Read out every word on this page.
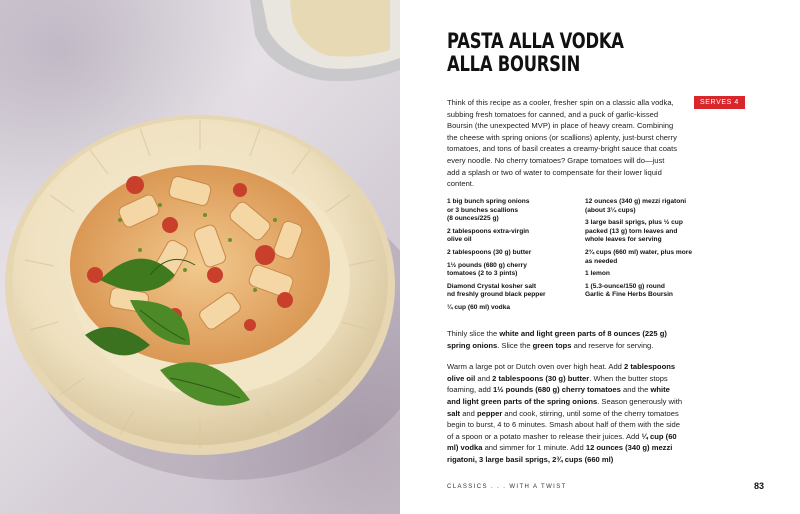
PASTA ALLA VODKA
ALLA BOURSIN
SERVES 4

Think of this recipe as a cooler, fresher spin on a classic alla vodka, subbing fresh tomatoes for canned, and a puck of garlic-kissed Boursin (the unexpected MVP) in place of heavy cream. Combining the cheese with spring onions (or scallions) aplenty, just-burst cherry tomatoes, and tons of basil creates a creamy-bright sauce that coats every noodle. No cherry tomatoes? Grape tomatoes will do—just add a splash or two of water to compensate for their lower liquid content.

1 big bunch spring onions
or 3 bunches scallions
(8 ounces/225 g)

2 tablespoons extra-virgin
olive oil

2 tablespoons (30 g) butter

1½ pounds (680 g) cherry
tomatoes (2 to 3 pints)

Diamond Crystal kosher salt
nd freshly ground black pepper

¼ cup (60 ml) vodka

12 ounces (340 g) mezzi rigatoni
(about 3¼ cups)

3 large basil sprigs, plus ½ cup
packed (13 g) torn leaves and
whole leaves for serving

2¾ cups (660 ml) water, plus more
as needed

1 lemon

1 (5.3-ounce/150 g) round
Garlic & Fine Herbs Boursin

Thinly slice the white and light green parts of 8 ounces (225 g) spring onions. Slice the green tops and reserve for serving.

Warm a large pot or Dutch oven over high heat. Add 2 tablespoons olive oil and 2 tablespoons (30 g) butter. When the butter stops foaming, add 1½ pounds (680 g) cherry tomatoes and the white and light green parts of the spring onions. Season generously with salt and pepper and cook, stirring, until some of the cherry tomatoes begin to burst, 4 to 6 minutes. Smash about half of them with the side of a spoon or a potato masher to release their juices. Add ¼ cup (60 ml) vodka and simmer for 1 minute. Add 12 ounces (340 g) mezzi rigatoni, 3 large basil sprigs, 2¾ cups (660 ml)

CLASSICS . . . WITH A TWIST	83
